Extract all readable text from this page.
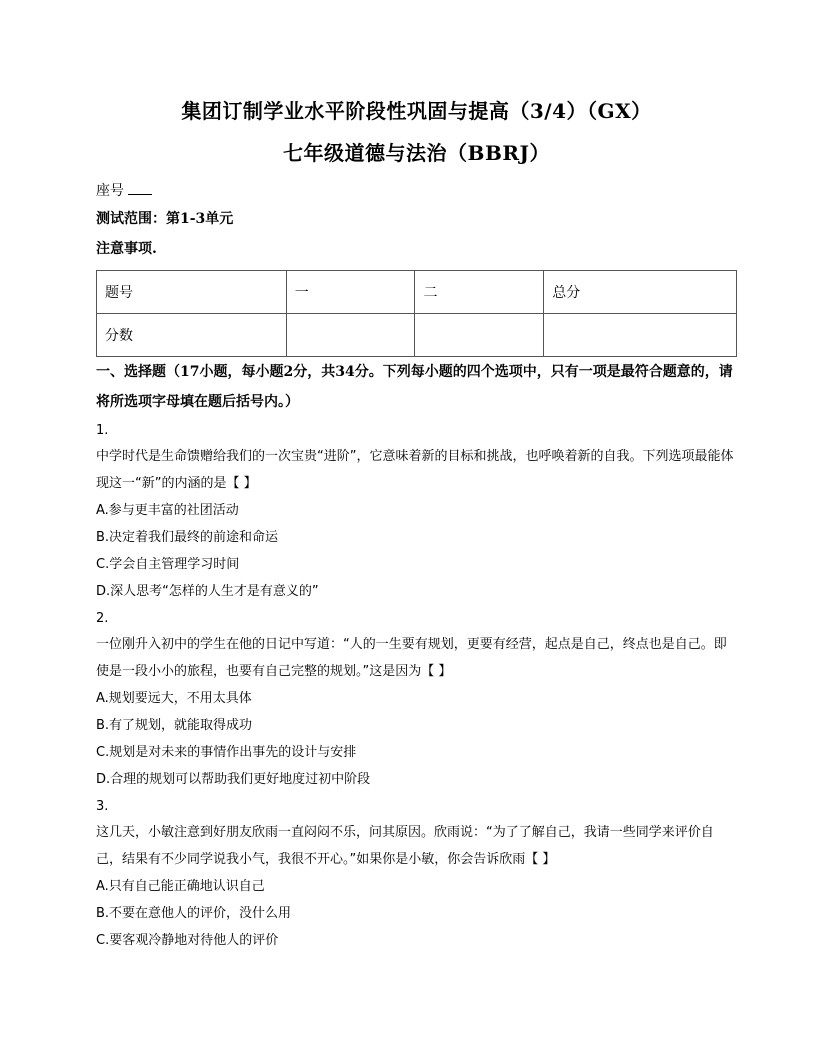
集团订制学业水平阶段性巩固与提高（3/4）（GX）
七年级道德与法治（BBRJ）
座号
测试范围：第1-3单元
注意事项.
题号	一	二	总分
分数			
一、选择题（17小题，每小题2分，共34分。下列每小题的四个选项中，只有一项是最符合题意的，请将所选项字母填在题后括号内。）
1.
中学时代是生命馈赠给我们的一次宝贵“进阶”，它意味着新的目标和挑战，也呼唤着新的自我。下列选项最能体现这一“新”的内涵的是【 】
A.参与更丰富的社团活动
B.决定着我们最终的前途和命运
C.学会自主管理学习时间
D.深人思考“怎样的人生才是有意义的”
2.
一位刚升入初中的学生在他的日记中写道：“人的一生要有规划，更要有经营，起点是自己，终点也是自己。即使是一段小小的旅程，也要有自己完整的规划。”这是因为【 】
A.规划要远大，不用太具体
B.有了规划，就能取得成功
C.规划是对未来的事情作出事先的设计与安排
D.合理的规划可以帮助我们更好地度过初中阶段
3.
这几天，小敏注意到好朋友欣雨一直闷闷不乐，问其原因。欣雨说：“为了了解自己，我请一些同学来评价自己，结果有不少同学说我小气，我很不开心。”如果你是小敏，你会告诉欣雨【 】
A.只有自己能正确地认识自己
B.不要在意他人的评价，没什么用
C.要客观冷静地对待他人的评价
